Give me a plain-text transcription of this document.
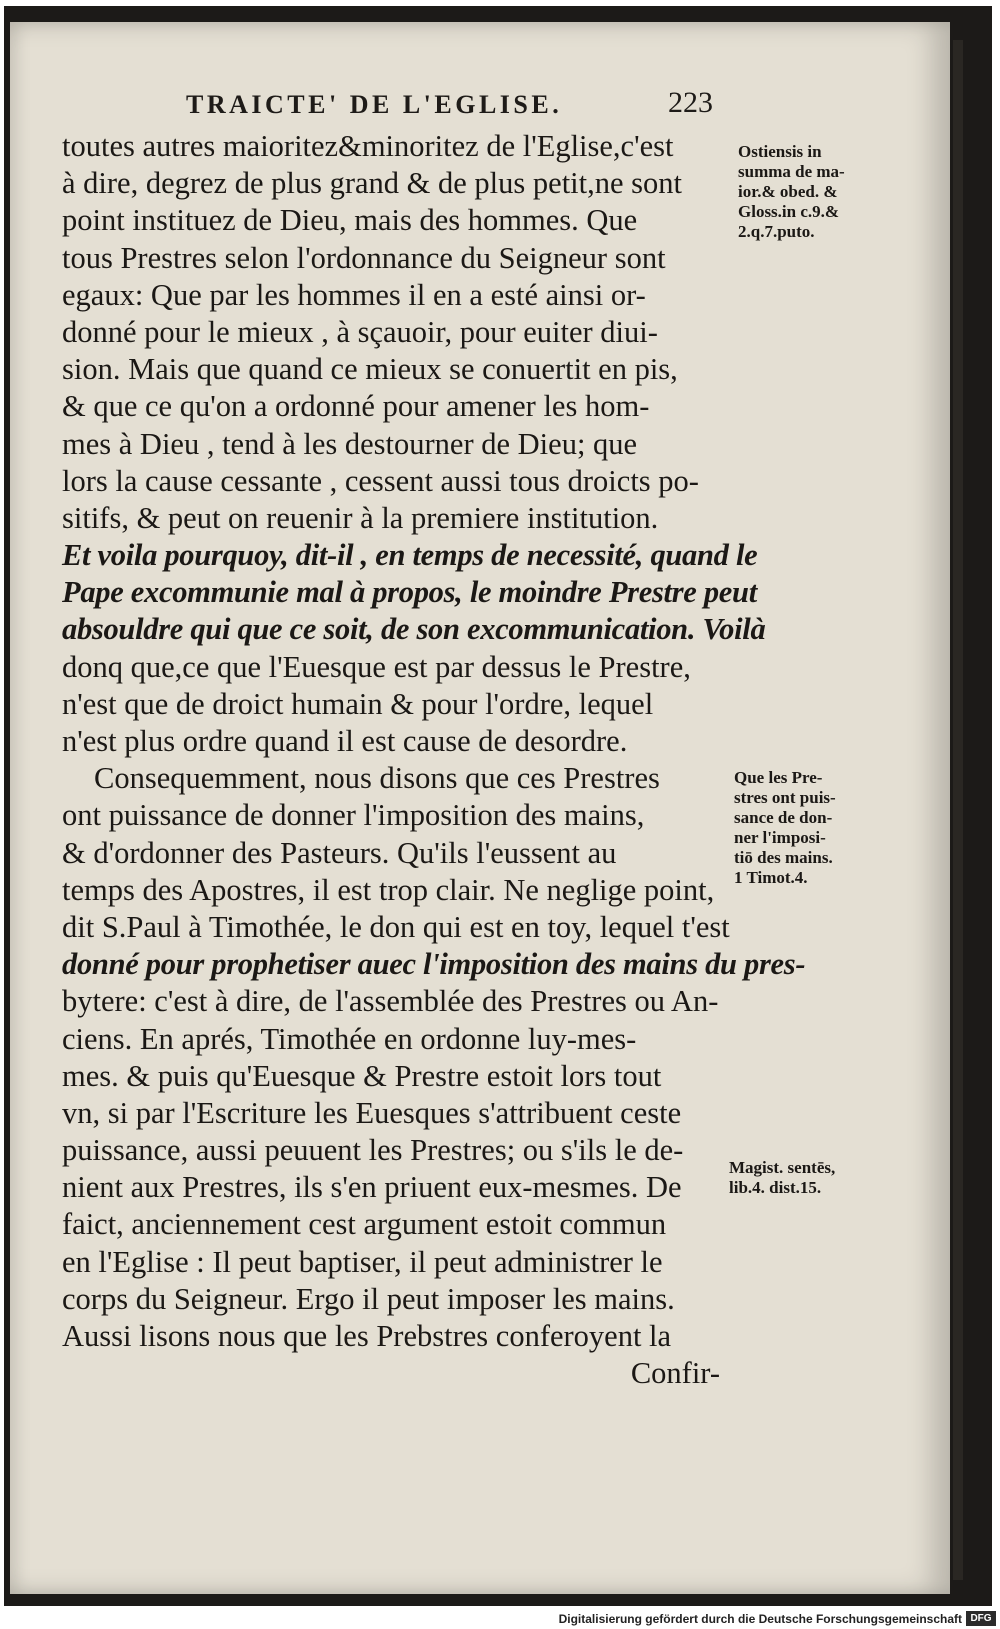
TRAICTE' DE L'EGLISE.	223
toutes autres maioritez&minoritez de l'Eglise,c'est
à dire, degrez de plus grand & de plus petit,ne sont
point instituez de Dieu, mais des hommes. Que
tous Prestres selon l'ordonnance du Seigneur sont
egaux: Que par les hommes il en a esté ainsi or-
donné pour le mieux , à sçauoir, pour euiter diui-
sion. Mais que quand ce mieux se conuertit en pis,
& que ce qu'on a ordonné pour amener les hom-
mes à Dieu , tend à les destourner de Dieu; que
lors la cause cessante , cessent aussi tous droicts po-
sitifs, & peut on reuenir à la premiere institution.
Et voila pourquoy, dit-il , en temps de necessité, quand le
Pape excommunie mal à propos, le moindre Prestre peut
absouldre qui que ce soit, de son excommunication. Voilà
donq que,ce que l'Euesque est par dessus le Prestre,
n'est que de droict humain & pour l'ordre, lequel
n'est plus ordre quand il est cause de desordre.
Consequemment, nous disons que ces Prestres
ont puissance de donner l'imposition des mains,
& d'ordonner des Pasteurs. Qu'ils l'eussent au
temps des Apostres, il est trop clair. Ne neglige point,
dit S.Paul à Timothée, le don qui est en toy, lequel t'est
donné pour prophetiser auec l'imposition des mains du pres-
bytere: c'est à dire, de l'assemblée des Prestres ou An-
ciens. En aprés, Timothée en ordonne luy-mes-
mes. & puis qu'Euesque & Prestre estoit lors tout
vn, si par l'Escriture les Euesques s'attribuent ceste
puissance, aussi peuuent les Prestres; ou s'ils le de-
nient aux Prestres, ils s'en priuent eux-mesmes. De
faict, anciennement cest argument estoit commun
en l'Eglise : Il peut baptiser, il peut administrer le
corps du Seigneur. Ergo il peut imposer les mains.
Aussi lisons nous que les Prebstres conferoyent la
Confir-
Ostiensis in
summa de ma-
ior.& obed. &
Gloss.in c.9.&
2.q.7.puto.
Que les Pre-
stres ont puis-
sance de don-
ner l'imposi-
tiō des mains.
1 Timot.4.
Magist. sentēs,
lib.4. dist.15.
Digitalisierung gefördert durch die Deutsche Forschungsgemeinschaft DFG
